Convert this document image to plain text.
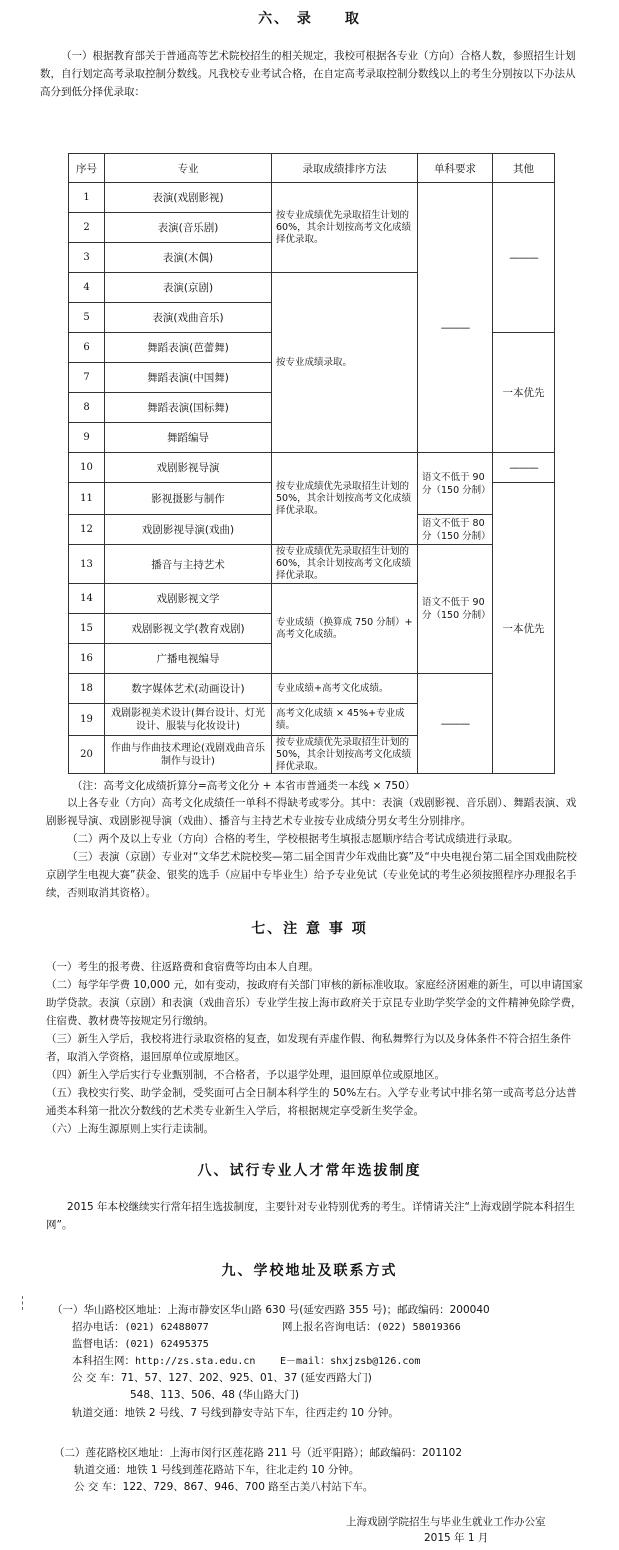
六、 录　　取
（一）根据教育部关于普通高等艺术院校招生的相关规定，我校可根据各专业（方向）合格人数，参照招生计划数，自行划定高考录取控制分数线。凡我校专业考试合格，在自定高考录取控制分数线以上的考生分别按以下办法从高分到低分择优录取：
序号	专业	录取成绩排序方法	单科要求	其他
1	表演(戏剧影视)	按专业成绩优先录取招生计划的 60%，其余计划按高考文化成绩择优录取。	———	———
2	表演(音乐剧)			
3	表演(木偶)			
4	表演(京剧)	按专业成绩录取。		
5	表演(戏曲音乐)			
6	舞蹈表演(芭蕾舞)			一本优先
7	舞蹈表演(中国舞)			
8	舞蹈表演(国标舞)			
9	舞蹈编导			
10	戏剧影视导演	按专业成绩优先录取招生计划的 50%，其余计划按高考文化成绩择优录取。	语文不低于 90 分（150 分制）	———
11	影视摄影与制作			一本优先
12	戏剧影视导演(戏曲)		语文不低于 80 分（150 分制）	
13	播音与主持艺术	按专业成绩优先录取招生计划的 60%，其余计划按高考文化成绩择优录取。	语文不低于 90 分（150 分制）	
14	戏剧影视文学	专业成绩（换算成 750 分制）+ 高考文化成绩。		
15	戏剧影视文学(教育戏剧)			
16	广播电视编导			
18	数字媒体艺术(动画设计)	专业成绩+高考文化成绩。	———	
19	戏剧影视美术设计(舞台设计、灯光设计、服装与化妆设计)	高考文化成绩 × 45%+专业成绩。		
20	作曲与作曲技术理论(戏剧戏曲音乐制作与设计)	按专业成绩优先录取招生计划的 50%，其余计划按高考文化成绩择优录取。		
（注：高考文化成绩折算分=高考文化分 + 本省市普通类一本线 × 750）
以上各专业（方向）高考文化成绩任一单科不得缺考或零分。其中：表演（戏剧影视、音乐剧）、舞蹈表演、戏剧影视导演、戏剧影视导演（戏曲）、播音与主持艺术专业按专业成绩分男女考生分别排序。
（二）两个及以上专业（方向）合格的考生，学校根据考生填报志愿顺序结合考试成绩进行录取。
（三）表演（京剧）专业对“文华艺术院校奖—第二届全国青少年戏曲比赛”及“中央电视台第二届全国戏曲院校京剧学生电视大赛”获金、银奖的选手（应届中专毕业生）给予专业免试（专业免试的考生必须按照程序办理报名手续，否则取消其资格）。
七、注 意 事 项
（一）考生的报考费、往返路费和食宿费等均由本人自理。
（二）每学年学费 10,000 元，如有变动，按政府有关部门审核的新标准收取。家庭经济困难的新生，可以申请国家助学贷款。表演（京剧）和表演（戏曲音乐）专业学生按上海市政府关于京昆专业助学奖学金的文件精神免除学费，住宿费、教材费等按规定另行缴纳。
（三）新生入学后，我校将进行录取资格的复查，如发现有弄虚作假、徇私舞弊行为以及身体条件不符合招生条件者，取消入学资格，退回原单位或原地区。
（四）新生入学后实行专业甄别制，不合格者，予以退学处理，退回原单位或原地区。
（五）我校实行奖、助学金制，受奖面可占全日制本科学生的 50%左右。入学专业考试中排名第一或高考总分达普通类本科第一批次分数线的艺术类专业新生入学后，将根据规定享受新生奖学金。
（六）上海生源原则上实行走读制。
八、试行专业人才常年选拔制度
2015 年本校继续实行常年招生选拔制度，主要针对专业特别优秀的考生。详情请关注“上海戏剧学院本科招生网”。
九、学校地址及联系方式
（一）华山路校区地址：上海市静安区华山路 630 号(延安西路 355 号)；邮政编码：200040
招办电话：(021) 62488077	网上报名咨询电话：(022) 58019366
监督电话：(021) 62495375
本科招生网：http://zs.sta.edu.cn E－mail：shxjzsb@126.com
公 交 车：71、57、127、202、925、01、37 (延安西路大门)
548、113、506、48 (华山路大门)
轨道交通：地铁 2 号线、7 号线到静安寺站下车，往西走约 10 分钟。
（二）莲花路校区地址：上海市闵行区莲花路 211 号（近平阳路）；邮政编码：201102
轨道交通：地铁 1 号线到莲花路站下车，往北走约 10 分钟。
公 交 车：122、729、867、946、700 路至古美八村站下车。
上海戏剧学院招生与毕业生就业工作办公室
2015 年 1 月
